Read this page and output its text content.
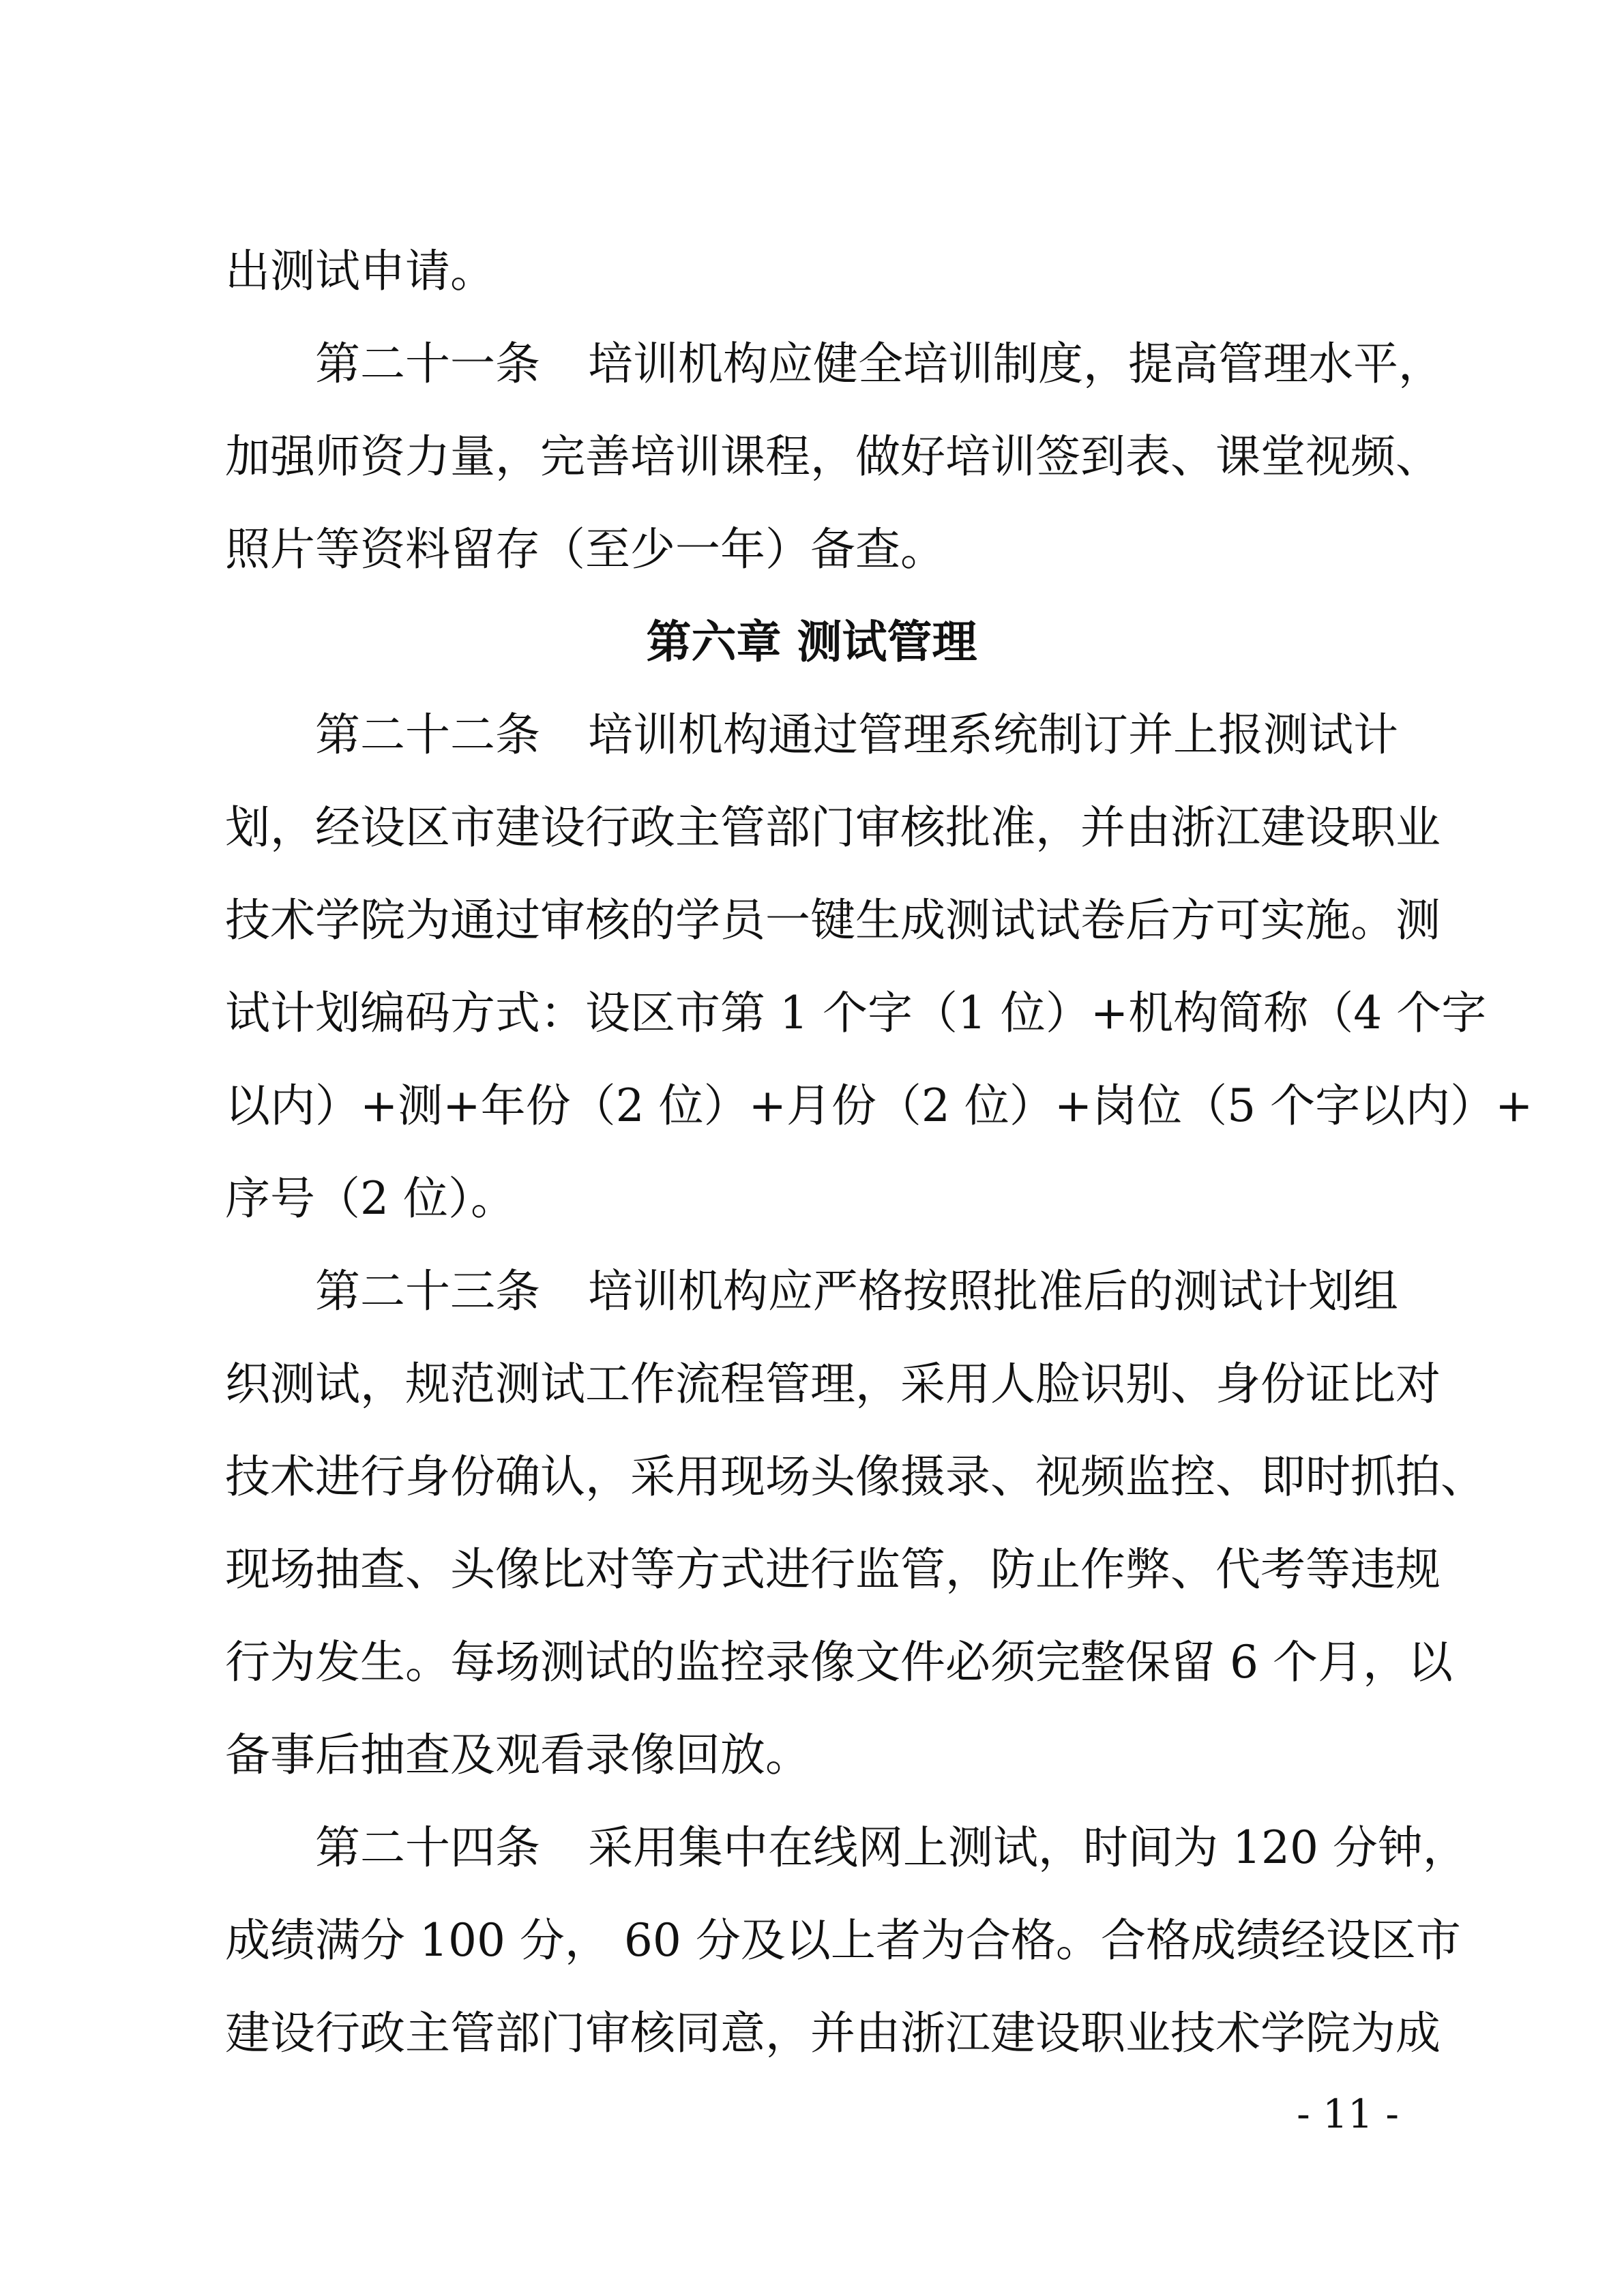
出测试申请。
第二十一条 培训机构应健全培训制度，提高管理水平，
加强师资力量，完善培训课程，做好培训签到表、课堂视频、
照片等资料留存（至少一年）备查。
第六章 测试管理
第二十二条 培训机构通过管理系统制订并上报测试计
划，经设区市建设行政主管部门审核批准，并由浙江建设职业
技术学院为通过审核的学员一键生成测试试卷后方可实施。测
试计划编码方式：设区市第 1 个字（1 位）+机构简称（4 个字
以内）+测+年份（2 位）+月份（2 位）+岗位（5 个字以内）+
序号（2 位）。
第二十三条 培训机构应严格按照批准后的测试计划组
织测试，规范测试工作流程管理，采用人脸识别、身份证比对
技术进行身份确认，采用现场头像摄录、视频监控、即时抓拍、
现场抽查、头像比对等方式进行监管，防止作弊、代考等违规
行为发生。每场测试的监控录像文件必须完整保留 6 个月，以
备事后抽查及观看录像回放。
第二十四条 采用集中在线网上测试，时间为 120 分钟，
成绩满分 100 分， 60 分及以上者为合格。合格成绩经设区市
建设行政主管部门审核同意，并由浙江建设职业技术学院为成
- 11 -
